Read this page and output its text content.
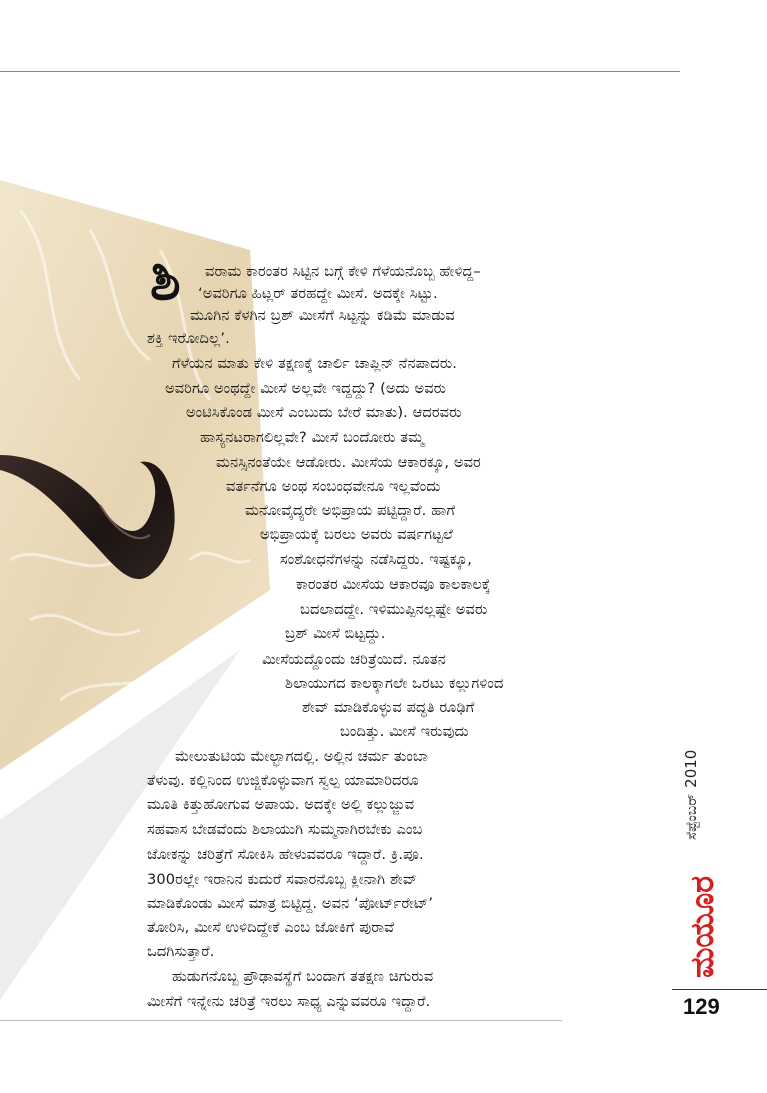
ಶಿ ವರಾಮ ಕಾರಂತರ ಸಿಟ್ಟಿನ ಬಗ್ಗೆ ಕೇಳಿ ಗೆಳೆಯನೊಬ್ಬ ಹೇಳಿದ್ದ–
‘ಅವರಿಗೂ ಹಿಟ್ಲರ್ ತರಹದ್ದೇ ಮೀಸೆ. ಅದಕ್ಕೇ ಸಿಟ್ಟು.
ಮೂಗಿನ ಕೆಳಗಿನ ಬ್ರಶ್ ಮೀಸೆಗೆ ಸಿಟ್ಟನ್ನು ಕಡಿಮೆ ಮಾಡುವ
ಶಕ್ತಿ ಇರೋದಿಲ್ಲ’.
ಗೆಳೆಯನ ಮಾತು ಕೇಳಿ ತಕ್ಷಣಕ್ಕೆ ಚಾರ್ಲಿ ಚಾಪ್ಲಿನ್ ನೆನಪಾದರು.
ಅವರಿಗೂ ಅಂಥದ್ದೇ ಮೀಸೆ ಅಲ್ಲವೇ ಇದ್ದದ್ದು? (ಅದು ಅವರು
ಅಂಟಿಸಿಕೊಂಡ ಮೀಸೆ ಎಂಬುದು ಬೇರೆ ಮಾತು). ಆದರವರು
ಹಾಸ್ಯನಟರಾಗಲಿಲ್ಲವೇ? ಮೀಸೆ ಬಂದೋರು ತಮ್ಮ
ಮನಸ್ಸಿನಂತೆಯೇ ಆಡೋರು. ಮೀಸೆಯ ಆಕಾರಕ್ಕೂ, ಅವರ
ವರ್ತನೆಗೂ ಅಂಥ ಸಂಬಂಧವೇನೂ ಇಲ್ಲವೆಂದು
ಮನೋವೈದ್ಯರೇ ಅಭಿಪ್ರಾಯ ಪಟ್ಟಿದ್ದಾರೆ. ಹಾಗೆ
ಅಭಿಪ್ರಾಯಕ್ಕೆ ಬರಲು ಅವರು ವರ್ಷಗಟ್ಟಲೆ
ಸಂಶೋಧನೆಗಳನ್ನು ನಡೆಸಿದ್ದರು. ಇಷ್ಟಕ್ಕೂ,
ಕಾರಂತರ ಮೀಸೆಯ ಆಕಾರವೂ ಕಾಲಕಾಲಕ್ಕೆ
ಬದಲಾದದ್ದೇ. ಇಳಿಮುಪ್ಪಿನಲ್ಲಷ್ಟೇ ಅವರು
ಬ್ರಶ್ ಮೀಸೆ ಬಿಟ್ಟದ್ದು.
ಮೀಸೆಯದ್ದೊಂದು ಚರಿತ್ರೆಯಿದೆ. ನೂತನ
ಶಿಲಾಯುಗದ ಕಾಲಕ್ಕಾಗಲೇ ಒರಟು ಕಲ್ಲುಗಳಿಂದ
ಶೇವ್ ಮಾಡಿಕೊಳ್ಳುವ ಪದ್ಧತಿ ರೂಢಿಗೆ
ಬಂದಿತ್ತು. ಮೀಸೆ ಇರುವುದು
ಮೇಲುತುಟಿಯ ಮೇಲ್ಭಾಗದಲ್ಲಿ. ಅಲ್ಲಿನ ಚರ್ಮ ತುಂಬಾ
ತೆಳುವು. ಕಲ್ಲಿನಿಂದ ಉಜ್ಜಿಕೊಳ್ಳುವಾಗ ಸ್ವಲ್ಪ ಯಾಮಾರಿದರೂ
ಮೂತಿ ಕಿತ್ತುಹೋಗುವ ಅಪಾಯ. ಅದಕ್ಕೇ ಅಲ್ಲಿ ಕಲ್ಲುಜ್ಜುವ
ಸಹವಾಸ ಬೇಡವೆಂದು ಶಿಲಾಯುಗಿ ಸುಮ್ಮನಾಗಿರಬೇಕು ಎಂಬ
ಜೋಕನ್ನು ಚರಿತ್ರೆಗೆ ಸೋಕಿಸಿ ಹೇಳುವವರೂ ಇದ್ದಾರೆ. ಕ್ರಿ.ಪೂ.
300ರಲ್ಲೇ ಇರಾನಿನ ಕುದುರೆ ಸವಾರನೊಬ್ಬ ಕ್ಲೀನಾಗಿ ಶೇವ್
ಮಾಡಿಕೊಂಡು ಮೀಸೆ ಮಾತ್ರ ಬಿಟ್ಟಿದ್ದ. ಅವನ ‘ಪೋರ್ಟ್‌ರೇಟ್’
ತೋರಿಸಿ, ಮೀಸೆ ಉಳಿದಿದ್ದೇಕೆ ಎಂಬ ಜೋಕಿಗೆ ಪುರಾವೆ
ಒದಗಿಸುತ್ತಾರೆ.
ಹುಡುಗನೊಬ್ಬ ಪ್ರೌಢಾವಸ್ಥೆಗೆ ಬಂದಾಗ ತತಕ್ಷಣ ಚಿಗುರುವ
ಮೀಸೆಗೆ ಇನ್ನೇನು ಚರಿತ್ರೆ ಇರಲು ಸಾಧ್ಯ ಎನ್ನುವವರೂ ಇದ್ದಾರೆ.
ಸೆಪ್ಟೆಂಬರ್2010
ಮಯೂರ
129
